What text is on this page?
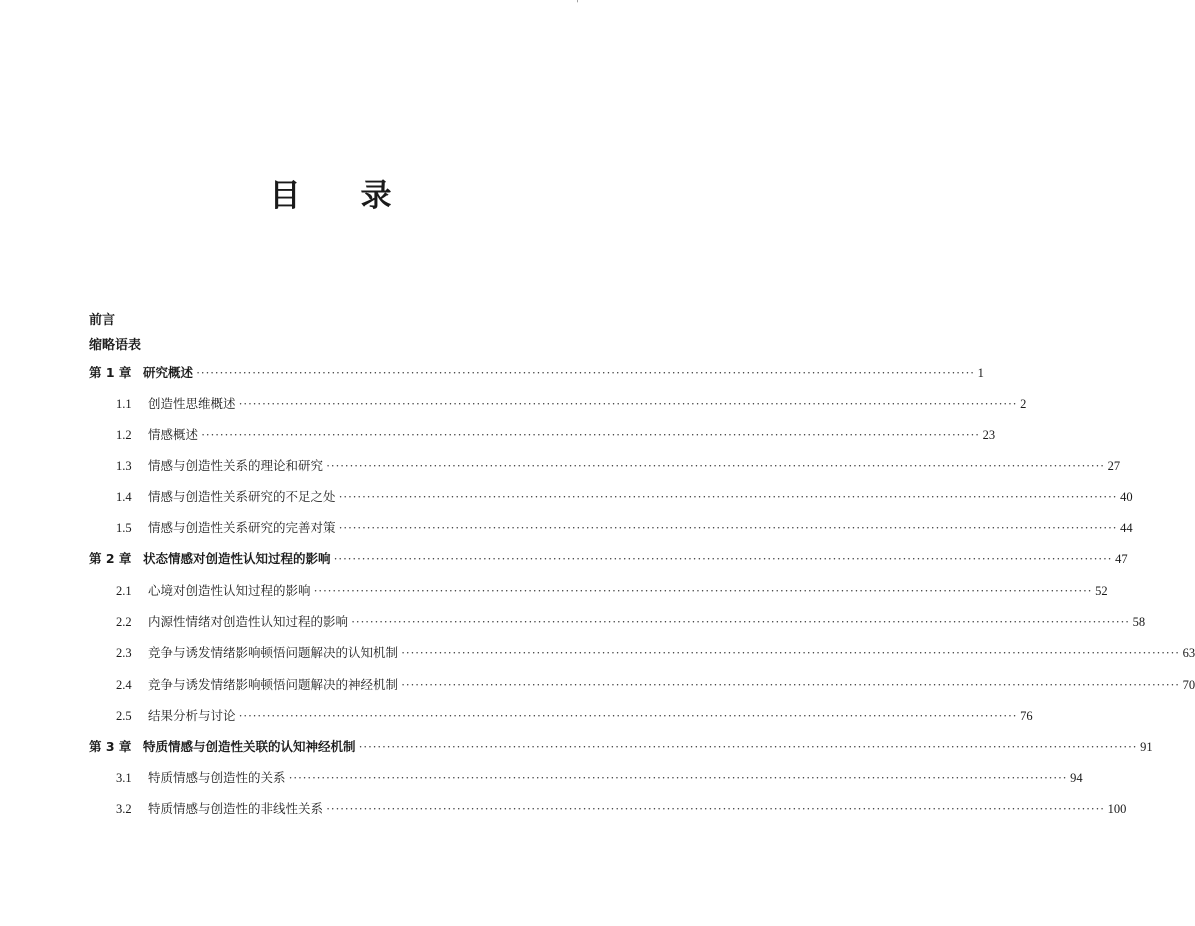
'
目 录
前言
缩略语表
第 1 章 研究概述 ······································································································································································· 1
1.1	创造性思维概述 ······································································································································································· 2
1.2	情感概述 ······································································································································································· 23
1.3	情感与创造性关系的理论和研究 ······································································································································································· 27
1.4	情感与创造性关系研究的不足之处 ······································································································································································· 40
1.5	情感与创造性关系研究的完善对策 ······································································································································································· 44
第 2 章 状态情感对创造性认知过程的影响 ······································································································································································· 47
2.1	心境对创造性认知过程的影响 ······································································································································································· 52
2.2	内源性情绪对创造性认知过程的影响 ······································································································································································· 58
2.3	竞争与诱发情绪影响顿悟问题解决的认知机制 ······································································································································································· 63
2.4	竞争与诱发情绪影响顿悟问题解决的神经机制 ······································································································································································· 70
2.5	结果分析与讨论 ······································································································································································· 76
第 3 章 特质情感与创造性关联的认知神经机制 ······································································································································································· 91
3.1	特质情感与创造性的关系 ······································································································································································· 94
3.2	特质情感与创造性的非线性关系 ······································································································································································· 100
